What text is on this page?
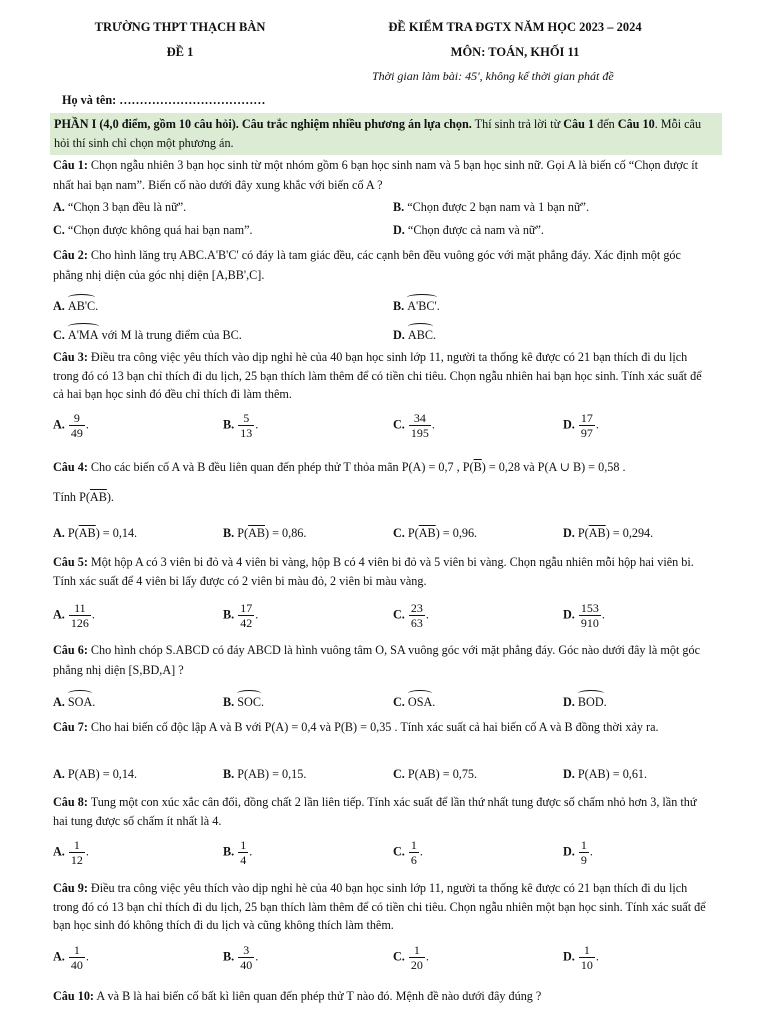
TRƯỜNG THPT THẠCH BÀN	ĐỀ KIỂM TRA ĐGTX NĂM HỌC 2023 – 2024
ĐỀ 1	MÔN: TOÁN, KHỐI 11
Thời gian làm bài: 45', không kể thời gian phát đề
Họ và tên: ………………………………
PHẦN I (4,0 điểm, gồm 10 câu hỏi). Câu trắc nghiệm nhiều phương án lựa chọn. Thí sinh trả lời từ Câu 1 đến Câu 10. Mỗi câu hỏi thí sinh chỉ chọn một phương án.
Câu 1: Chọn ngẫu nhiên 3 bạn học sinh từ một nhóm gồm 6 bạn học sinh nam và 5 bạn học sinh nữ. Gọi A là biến cố “Chọn được ít nhất hai bạn nam”. Biến cố nào dưới đây xung khắc với biến cố A ?
A. “Chọn 3 bạn đều là nữ”.	B. “Chọn được 2 bạn nam và 1 bạn nữ”.
C. “Chọn được không quá hai bạn nam”.	D. “Chọn được cả nam và nữ”.
Câu 2: Cho hình lăng trụ ABC.A'B'C' có đáy là tam giác đều, các cạnh bên đều vuông góc với mặt phẳng đáy. Xác định một góc phẳng nhị diện của góc nhị diện [A,BB',C].
A. AB'C.	B. A'BC'.
C. A'MA với M là trung điểm của BC.	D. ABC.
Câu 3: Điều tra công việc yêu thích vào dịp nghỉ hè của 40 bạn học sinh lớp 11, người ta thống kê được có 21 bạn thích đi du lịch trong đó có 13 bạn chỉ thích đi du lịch, 25 bạn thích làm thêm để có tiền chi tiêu. Chọn ngẫu nhiên hai bạn học sinh. Tính xác suất để cả hai bạn học sinh đó đều chỉ thích đi làm thêm.
A. $\frac{9}{49}$ .	B. $\frac{5}{13}$ .	C. $\frac{34}{195}$ .	D. $\frac{17}{97}$ .
Câu 4: Cho các biến cố A và B đều liên quan đến phép thử T thỏa mãn P(A) = 0,7 , $P(\overline{B}) = 0,28$ và P(A ∪ B) = 0,58 .
Tính $P(\overline{AB})$.
A. $P(\overline{AB}) = 0,14$.	B. $P(\overline{AB}) = 0,86$.	C. $P(\overline{AB}) = 0,96$.	D. $P(\overline{AB}) = 0,294$.
Câu 5: Một hộp A có 3 viên bi đỏ và 4 viên bi vàng, hộp B có 4 viên bi đỏ và 5 viên bi vàng. Chọn ngẫu nhiên mỗi hộp hai viên bi. Tính xác suất để 4 viên bi lấy được có 2 viên bi màu đỏ, 2 viên bi màu vàng.
A. $\frac{11}{126}$ .	B. $\frac{17}{42}$ .	C. $\frac{23}{63}$ .	D. $\frac{153}{910}$ .
Câu 6: Cho hình chóp S.ABCD có đáy ABCD là hình vuông tâm O, SA vuông góc với mặt phẳng đáy. Góc nào dưới đây là một góc phẳng nhị diện [S,BD,A] ?
A. SOA.	B. SOC.	C. OSA.	D. BOD.
Câu 7: Cho hai biến cố độc lập A và B với P(A) = 0,4 và P(B) = 0,35 . Tính xác suất cả hai biến cố A và B đồng thời xảy ra.
A. P(AB) = 0,14.	B. P(AB) = 0,15.	C. P(AB) = 0,75.	D. P(AB) = 0,61.
Câu 8: Tung một con xúc xắc cân đối, đồng chất 2 lần liên tiếp. Tính xác suất để lần thứ nhất tung được số chấm nhỏ hơn 3, lần thứ hai tung được số chấm ít nhất là 4.
A. $\frac{1}{12}$ .	B. $\frac{1}{4}$ .	C. $\frac{1}{6}$ .	D. $\frac{1}{9}$ .
Câu 9: Điều tra công việc yêu thích vào dịp nghỉ hè của 40 bạn học sinh lớp 11, người ta thống kê được có 21 bạn thích đi du lịch trong đó có 13 bạn chỉ thích đi du lịch, 25 bạn thích làm thêm để có tiền chi tiêu. Chọn ngẫu nhiên một bạn học sinh. Tính xác suất để bạn học sinh đó không thích đi du lịch và cũng không thích làm thêm.
A. $\frac{1}{40}$ .	B. $\frac{3}{40}$ .	C. $\frac{1}{20}$ .	D. $\frac{1}{10}$ .
Câu 10: A và B là hai biến cố bất kì liên quan đến phép thử T nào đó. Mệnh đề nào dưới đây đúng ?
